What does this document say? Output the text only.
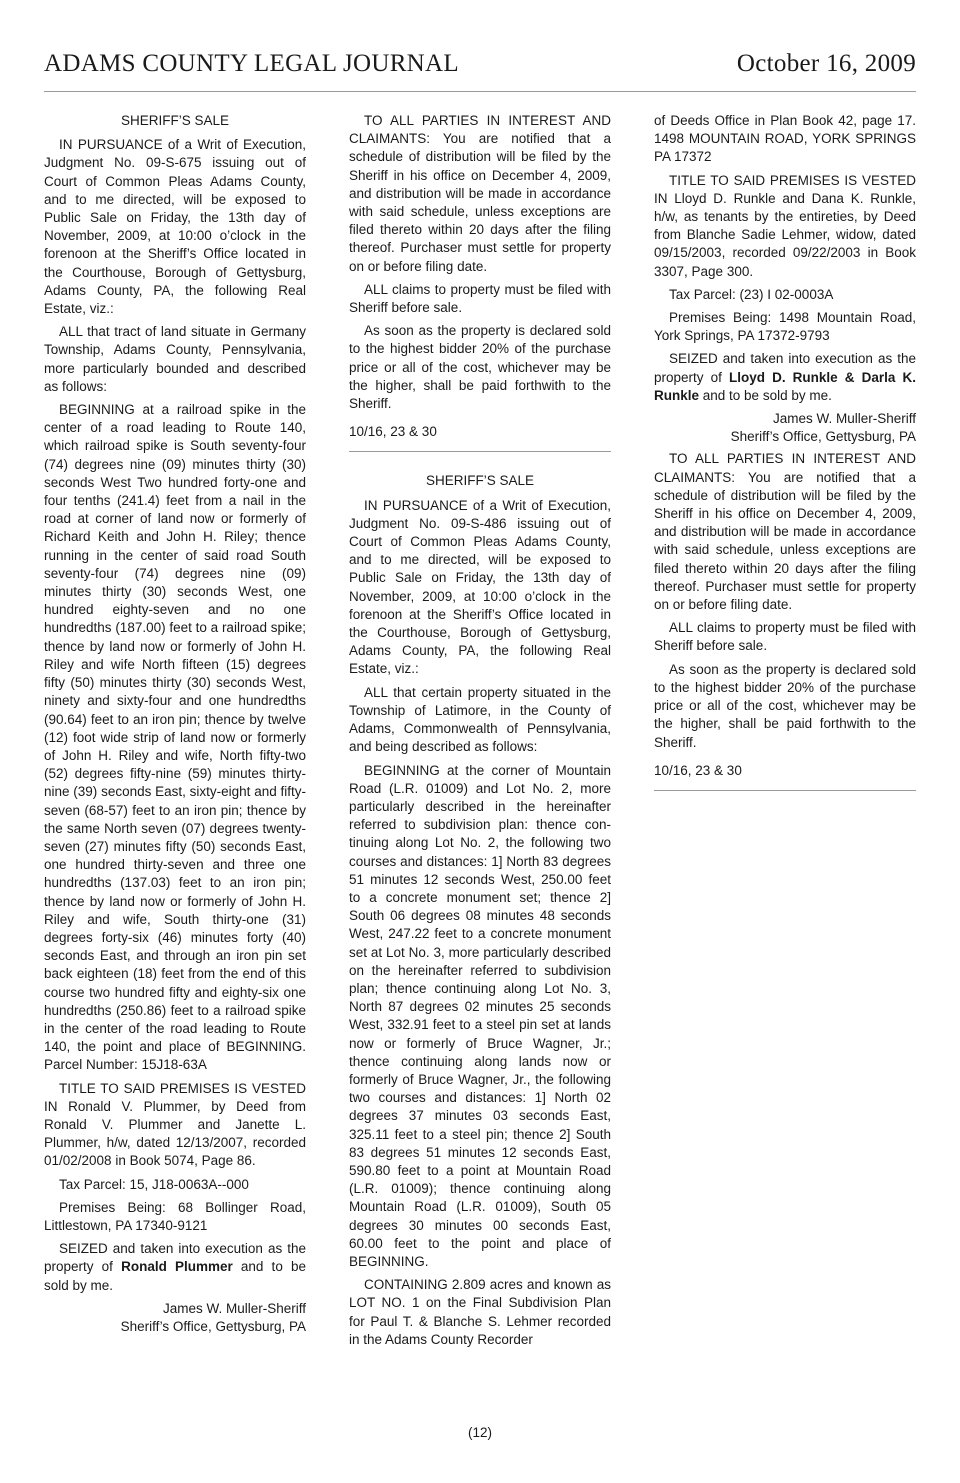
ADAMS COUNTY LEGAL JOURNAL	October 16, 2009

SHERIFF’S SALE

IN PURSUANCE of a Writ of Execution, Judgment No. 09-S-675 issuing out of Court of Common Pleas Adams County, and to me directed, will be exposed to Public Sale on Friday, the 13th day of November, 2009, at 10:00 o’clock in the forenoon at the Sheriff’s Office located in the Courthouse, Borough of Gettysburg, Adams County, PA, the following Real Estate, viz.:

ALL that tract of land situate in Germany Township, Adams County, Pennsylvania, more particularly bounded and described as follows:

BEGINNING at a railroad spike in the center of a road leading to Route 140, which railroad spike is South seventy-four (74) degrees nine (09) minutes thirty (30) seconds West Two hundred forty-one and four tenths (241.4) feet from a nail in the road at corner of land now or formerly of Richard Keith and John H. Riley; thence running in the center of said road South seventy-four (74) degrees nine (09) minutes thirty (30) seconds West, one hundred eighty-seven and no one hundredths (187.00) feet to a railroad spike; thence by land now or formerly of John H. Riley and wife North fifteen (15) degrees fifty (50) minutes thirty (30) seconds West, ninety and sixty-four and one hundredths (90.64) feet to an iron pin; thence by twelve (12) foot wide strip of land now or formerly of John H. Riley and wife, North fifty-two (52) degrees fifty-nine (59) minutes thirty-nine (39) seconds East, sixty-eight and fifty-seven (68-57) feet to an iron pin; thence by the same North seven (07) degrees twenty-seven (27) minutes fifty (50) seconds East, one hundred thirty-seven and three one hundredths (137.03) feet to an iron pin; thence by land now or formerly of John H. Riley and wife, South thirty-one (31) degrees forty-six (46) minutes forty (40) seconds East, and through an iron pin set back eighteen (18) feet from the end of this course two hundred fifty and eighty-six one hundredths (250.86) feet to a railroad spike in the center of the road leading to Route 140, the point and place of BEGINNING. Parcel Number: 15J18-63A

TITLE TO SAID PREMISES IS VESTED IN Ronald V. Plummer, by Deed from Ronald V. Plummer and Janette L. Plummer, h/w, dated 12/13/2007, recorded 01/02/2008 in Book 5074, Page 86.

Tax Parcel: 15, J18-0063A--000

Premises Being: 68 Bollinger Road, Littlestown, PA 17340-9121

SEIZED and taken into execution as the property of Ronald Plummer and to be sold by me.

James W. Muller-Sheriff

Sheriff’s Office, Gettysburg, PA

TO ALL PARTIES IN INTEREST AND CLAIMANTS: You are notified that a schedule of distribution will be filed by the Sheriff in his office on December 4, 2009, and distribution will be made in accordance with said schedule, unless exceptions are filed thereto within 20 days after the filing thereof. Purchaser must settle for property on or before filing date.

ALL claims to property must be filed with Sheriff before sale.

As soon as the property is declared sold to the highest bidder 20% of the purchase price or all of the cost, whichever may be the higher, shall be paid forthwith to the Sheriff.

10/16, 23 & 30

SHERIFF’S SALE

IN PURSUANCE of a Writ of Execution, Judgment No. 09-S-486 issuing out of Court of Common Pleas Adams County, and to me directed, will be exposed to Public Sale on Friday, the 13th day of November, 2009, at 10:00 o’clock in the forenoon at the Sheriff’s Office located in the Courthouse, Borough of Gettysburg, Adams County, PA, the following Real Estate, viz.:

ALL that certain property situated in the Township of Latimore, in the County of Adams, Commonwealth of Pennsylvania, and being described as follows:

BEGINNING at the corner of Mountain Road (L.R. 01009) and Lot No. 2, more particularly described in the hereinafter referred to subdivision plan: thence continuing along Lot No. 2, the following two courses and distances: 1] North 83 degrees 51 minutes 12 seconds West, 250.00 feet to a concrete monument set; thence 2] South 06 degrees 08 minutes 48 seconds West, 247.22 feet to a concrete monument set at Lot No. 3, more particularly described on the hereinafter referred to subdivision plan; thence continuing along Lot No. 3, North 87 degrees 02 minutes 25 seconds West, 332.91 feet to a steel pin set at lands now or formerly of Bruce Wagner, Jr.; thence continuing along lands now or formerly of Bruce Wagner, Jr., the following two courses and distances: 1] North 02 degrees 37 minutes 03 seconds East, 325.11 feet to a steel pin; thence 2] South 83 degrees 51 minutes 12 seconds East, 590.80 feet to a point at Mountain Road (L.R. 01009); thence continuing along Mountain Road (L.R. 01009), South 05 degrees 30 minutes 00 seconds East, 60.00 feet to the point and place of BEGINNING.

CONTAINING 2.809 acres and known as LOT NO. 1 on the Final Subdivision Plan for Paul T. & Blanche S. Lehmer recorded in the Adams County Recorder

of Deeds Office in Plan Book 42, page 17. 1498 MOUNTAIN ROAD, YORK SPRINGS PA 17372

TITLE TO SAID PREMISES IS VESTED IN Lloyd D. Runkle and Dana K. Runkle, h/w, as tenants by the entireties, by Deed from Blanche Sadie Lehmer, widow, dated 09/15/2003, recorded 09/22/2003 in Book 3307, Page 300.

Tax Parcel: (23) I 02-0003A

Premises Being: 1498 Mountain Road, York Springs, PA 17372-9793

SEIZED and taken into execution as the property of Lloyd D. Runkle & Darla K. Runkle and to be sold by me.

James W. Muller-Sheriff

Sheriff’s Office, Gettysburg, PA

TO ALL PARTIES IN INTEREST AND CLAIMANTS: You are notified that a schedule of distribution will be filed by the Sheriff in his office on December 4, 2009, and distribution will be made in accordance with said schedule, unless exceptions are filed thereto within 20 days after the filing thereof. Purchaser must settle for property on or before filing date.

ALL claims to property must be filed with Sheriff before sale.

As soon as the property is declared sold to the highest bidder 20% of the purchase price or all of the cost, whichever may be the higher, shall be paid forthwith to the Sheriff.

10/16, 23 & 30

(12)
